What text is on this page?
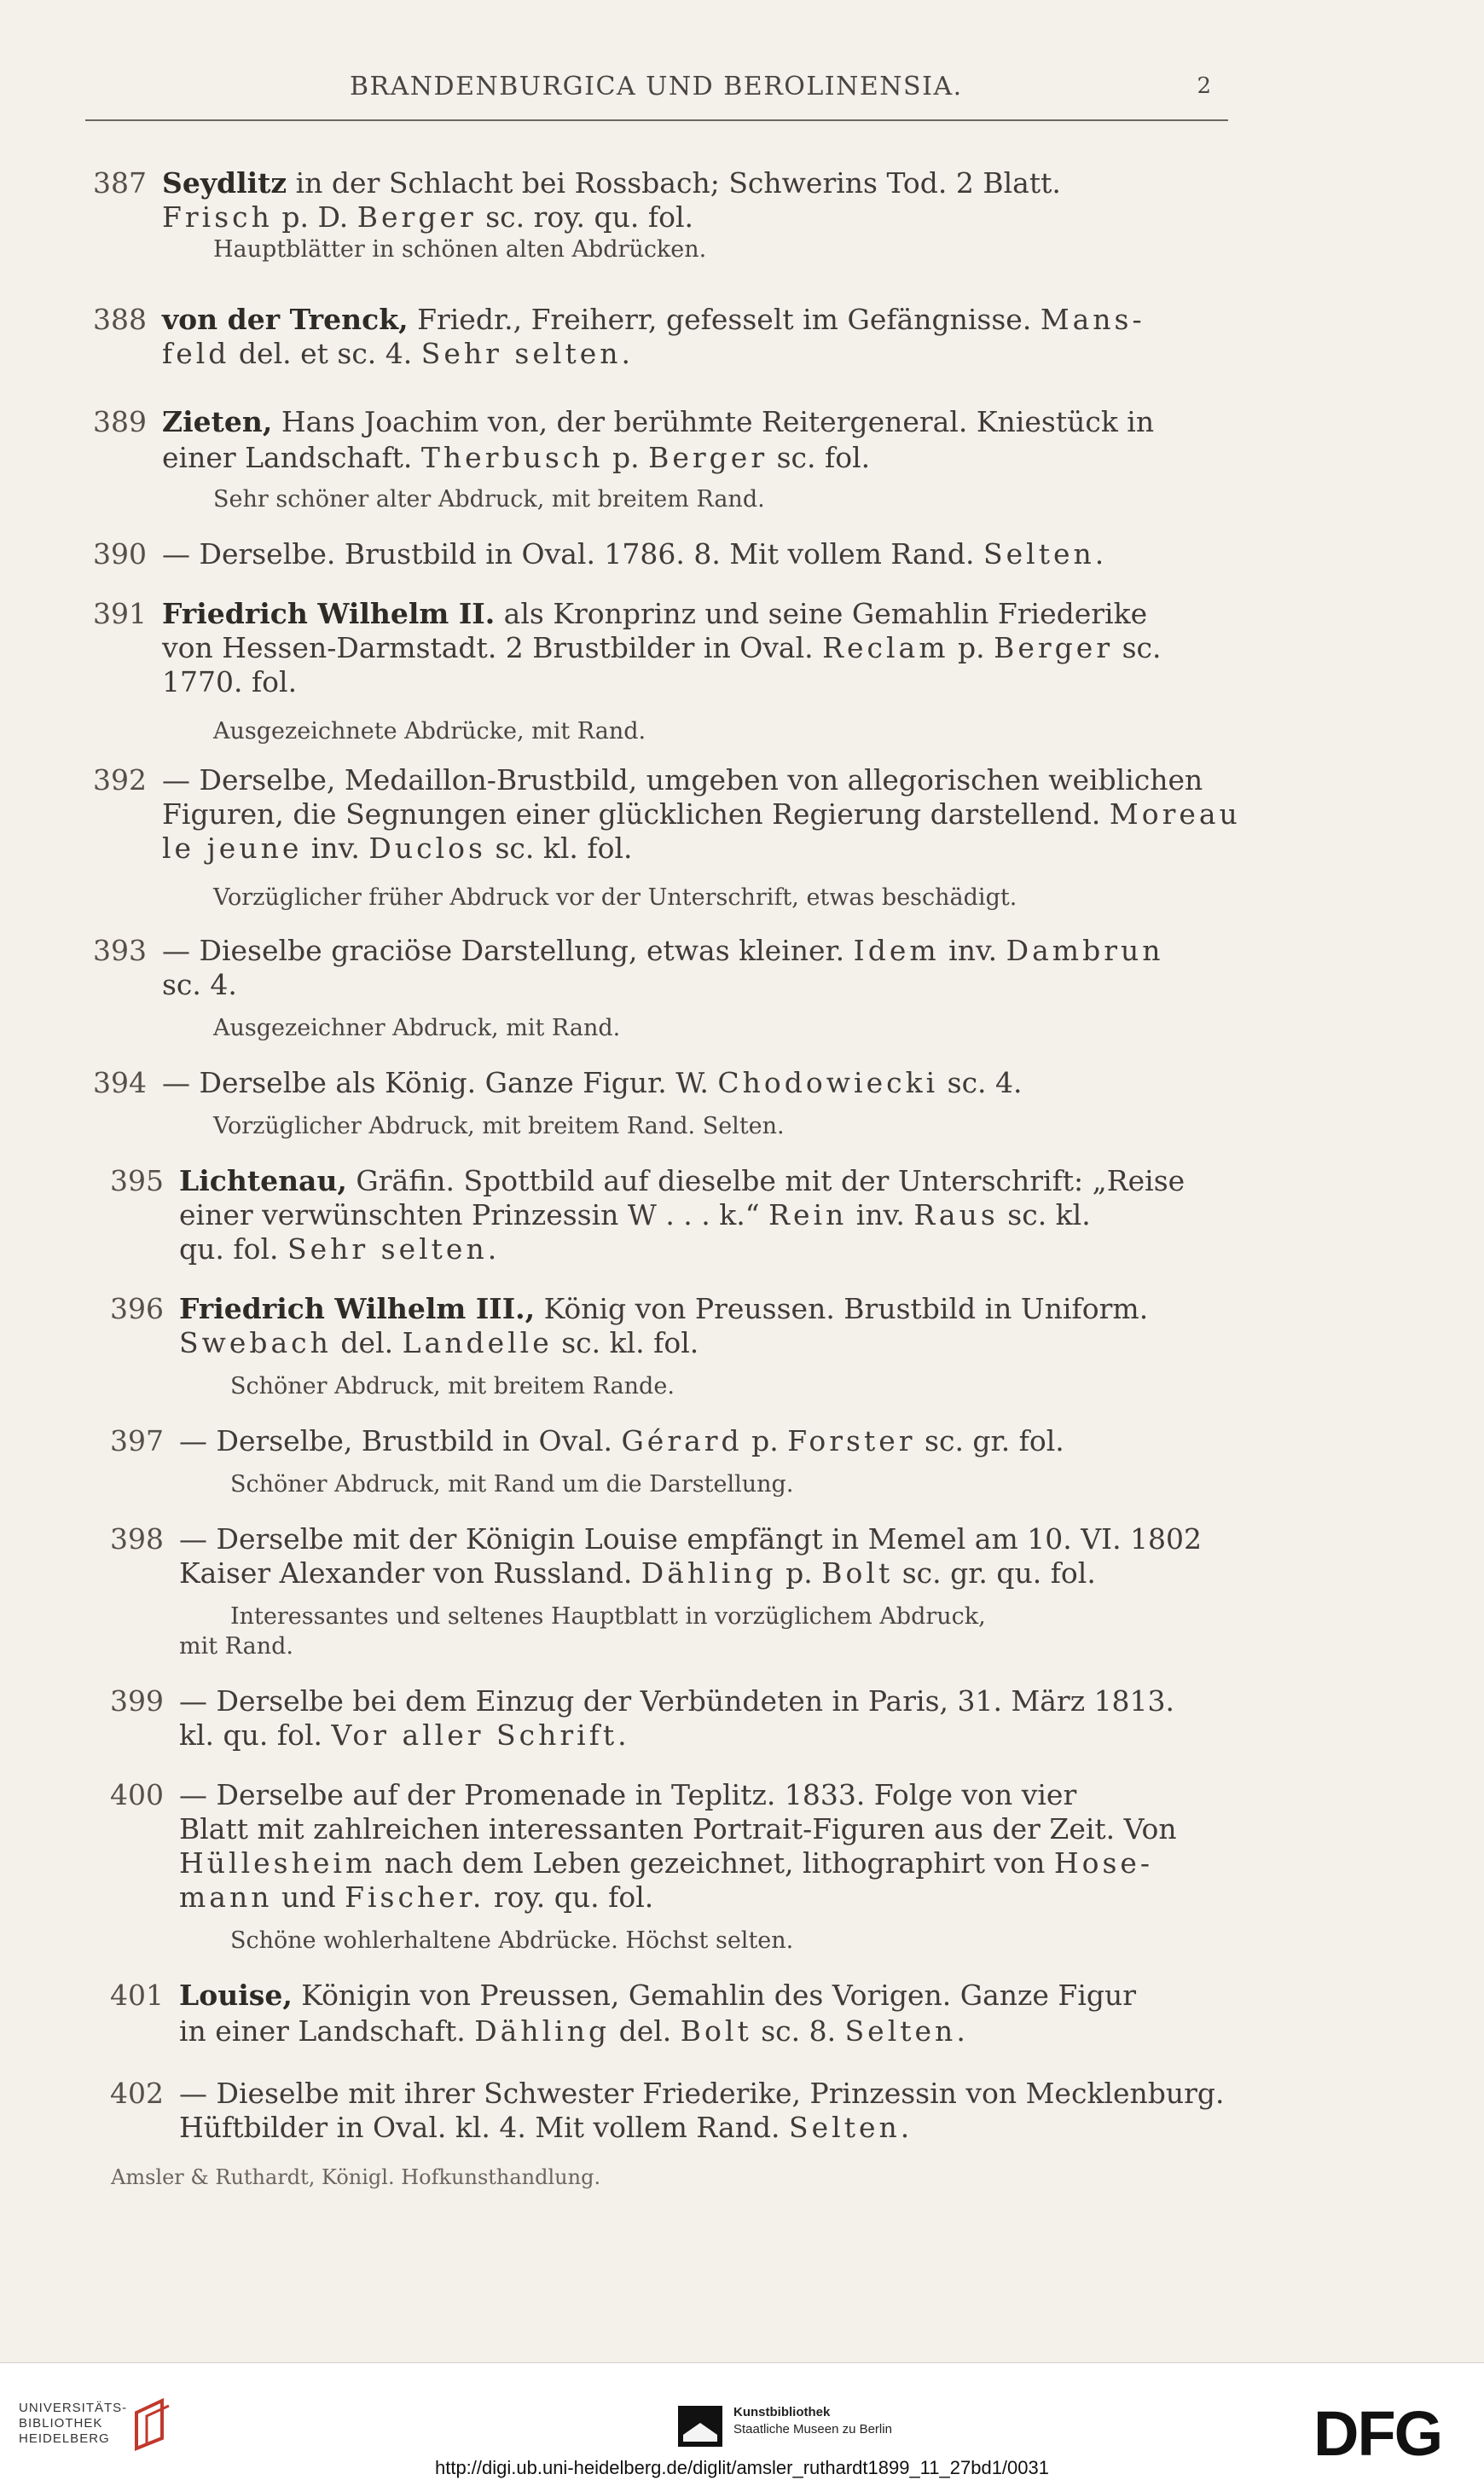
BRANDENBURGICA UND BEROLINENSIA.	2
387 Seydlitz in der Schlacht bei Rossbach; Schwerins Tod. 2 Blatt.
Frisch p. D. Berger sc. roy. qu. fol.
Hauptblätter in schönen alten Abdrücken.
388 von der Trenck, Friedr., Freiherr, gefesselt im Gefängnisse. Mans-
feld del. et sc. 4. Sehr selten.
389 Zieten, Hans Joachim von, der berühmte Reitergeneral. Kniestück in
einer Landschaft. Therbusch p. Berger sc. fol.
Sehr schöner alter Abdruck, mit breitem Rand.
390 — Derselbe. Brustbild in Oval. 1786. 8. Mit vollem Rand. Selten.
391 Friedrich Wilhelm II. als Kronprinz und seine Gemahlin Friederike
von Hessen-Darmstadt. 2 Brustbilder in Oval. Reclam p. Berger sc.
1770. fol.
Ausgezeichnete Abdrücke, mit Rand.
392 — Derselbe, Medaillon-Brustbild, umgeben von allegorischen weiblichen
Figuren, die Segnungen einer glücklichen Regierung darstellend. Moreau
le jeune inv. Duclos sc. kl. fol.
Vorzüglicher früher Abdruck vor der Unterschrift, etwas beschädigt.
393 — Dieselbe graciöse Darstellung, etwas kleiner. Idem inv. Dambrun
sc. 4.
Ausgezeichner Abdruck, mit Rand.
394 — Derselbe als König. Ganze Figur. W. Chodowiecki sc. 4.
Vorzüglicher Abdruck, mit breitem Rand. Selten.
395 Lichtenau, Gräfin. Spottbild auf dieselbe mit der Unterschrift: „Reise
einer verwünschten Prinzessin W . . . k.“ Rein inv. Raus sc. kl.
qu. fol. Sehr selten.
396 Friedrich Wilhelm III., König von Preussen. Brustbild in Uniform.
Swebach del. Landelle sc. kl. fol.
Schöner Abdruck, mit breitem Rande.
397 — Derselbe, Brustbild in Oval. Gérard p. Forster sc. gr. fol.
Schöner Abdruck, mit Rand um die Darstellung.
398 — Derselbe mit der Königin Louise empfängt in Memel am 10. VI. 1802
Kaiser Alexander von Russland. Dähling p. Bolt sc. gr. qu. fol.
Interessantes und seltenes Hauptblatt in vorzüglichem Abdruck,
mit Rand.
399 — Derselbe bei dem Einzug der Verbündeten in Paris, 31. März 1813.
kl. qu. fol. Vor aller Schrift.
400 — Derselbe auf der Promenade in Teplitz. 1833. Folge von vier
Blatt mit zahlreichen interessanten Portrait-Figuren aus der Zeit. Von
Hüllesheim nach dem Leben gezeichnet, lithographirt von Hose-
mann und Fischer. roy. qu. fol.
Schöne wohlerhaltene Abdrücke. Höchst selten.
401 Louise, Königin von Preussen, Gemahlin des Vorigen. Ganze Figur
in einer Landschaft. Dähling del. Bolt sc. 8. Selten.
402 — Dieselbe mit ihrer Schwester Friederike, Prinzessin von Mecklenburg.
Hüftbilder in Oval. kl. 4. Mit vollem Rand. Selten.
Amsler & Ruthardt, Königl. Hofkunsthandlung.
UNIVERSITÄTS-
BIBLIOTHEK
HEIDELBERG
Kunstbibliothek
Staatliche Museen zu Berlin	DFG
http://digi.ub.uni-heidelberg.de/diglit/amsler_ruthardt1899_11_27bd1/0031
